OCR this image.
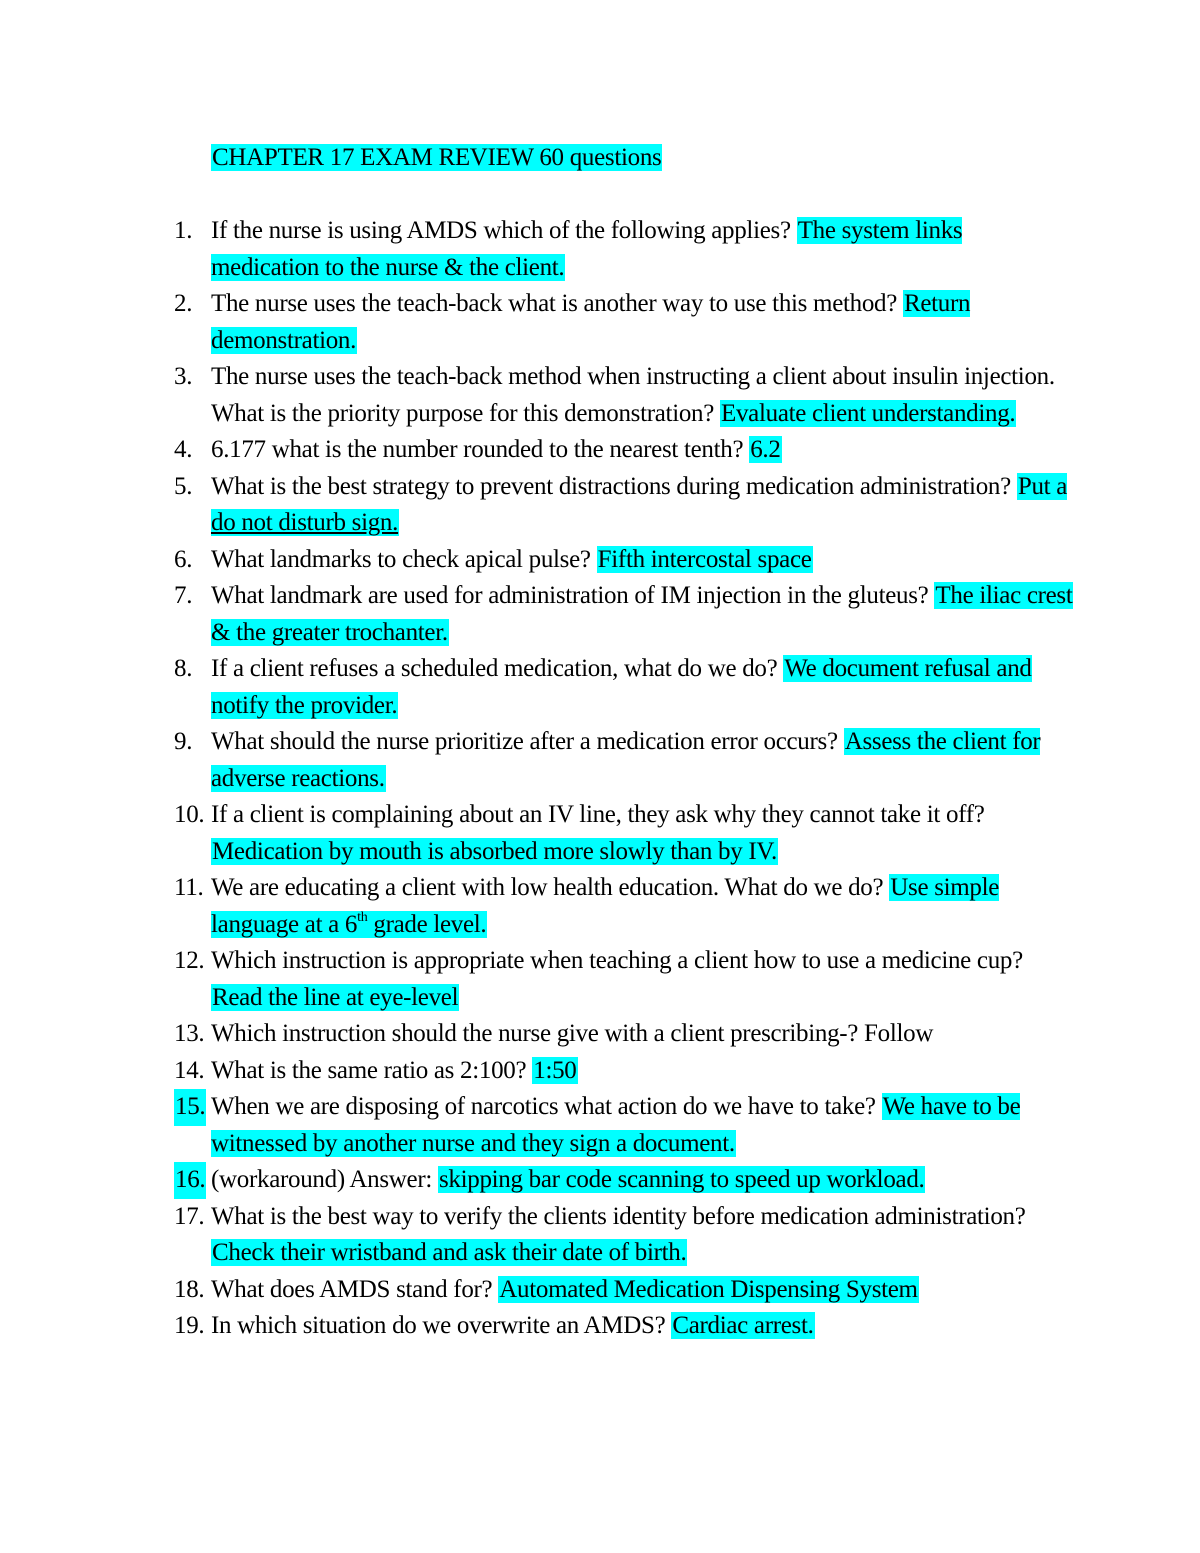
CHAPTER 17 EXAM REVIEW 60 questions
1. If the nurse is using AMDS which of the following applies? The system links medication to the nurse & the client.
2. The nurse uses the teach-back what is another way to use this method? Return demonstration.
3. The nurse uses the teach-back method when instructing a client about insulin injection. What is the priority purpose for this demonstration? Evaluate client understanding.
4. 6.177 what is the number rounded to the nearest tenth? 6.2
5. What is the best strategy to prevent distractions during medication administration? Put a do not disturb sign.
6. What landmarks to check apical pulse? Fifth intercostal space
7. What landmark are used for administration of IM injection in the gluteus? The iliac crest & the greater trochanter.
8. If a client refuses a scheduled medication, what do we do? We document refusal and notify the provider.
9. What should the nurse prioritize after a medication error occurs? Assess the client for adverse reactions.
10. If a client is complaining about an IV line, they ask why they cannot take it off? Medication by mouth is absorbed more slowly than by IV.
11. We are educating a client with low health education. What do we do? Use simple language at a 6th grade level.
12. Which instruction is appropriate when teaching a client how to use a medicine cup? Read the line at eye-level
13. Which instruction should the nurse give with a client prescribing-? Follow
14. What is the same ratio as 2:100? 1:50
15. When we are disposing of narcotics what action do we have to take? We have to be witnessed by another nurse and they sign a document.
16. (workaround) Answer: skipping bar code scanning to speed up workload.
17. What is the best way to verify the clients identity before medication administration? Check their wristband and ask their date of birth.
18. What does AMDS stand for? Automated Medication Dispensing System
19. In which situation do we overwrite an AMDS? Cardiac arrest.
